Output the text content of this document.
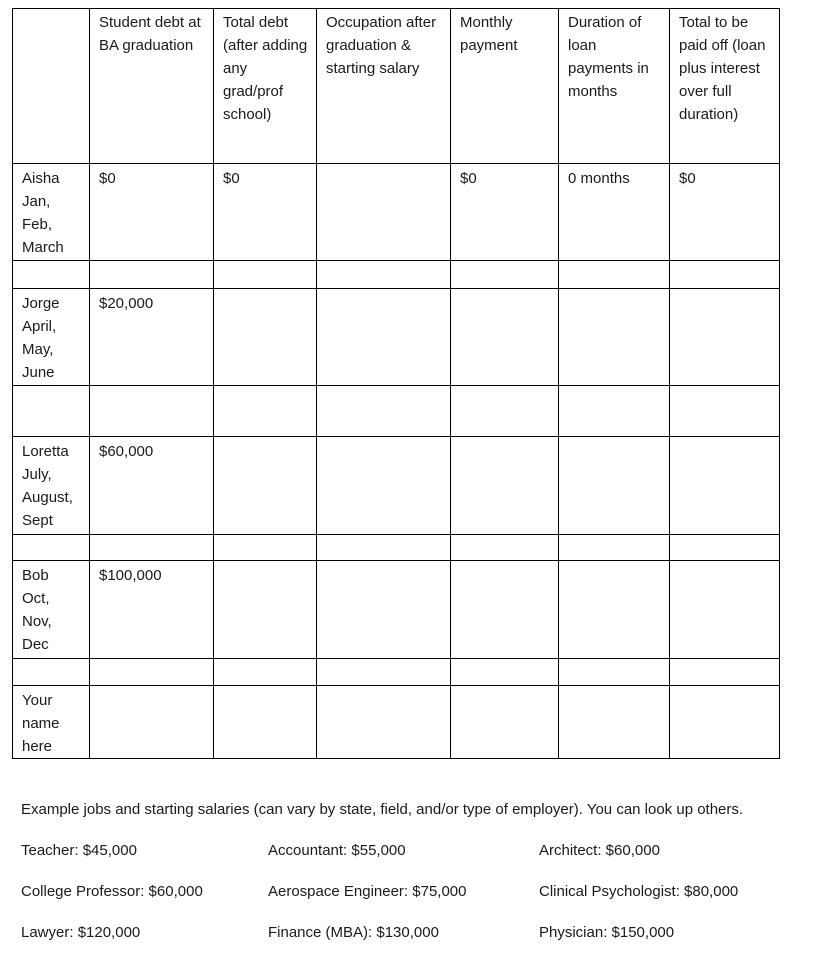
	Student debt at BA graduation	Total debt (after adding any grad/prof school)	Occupation after graduation & starting salary	Monthly payment	Duration of loan payments in months	Total to be paid off (loan plus interest over full duration)
Aisha
Jan,
Feb,
March	$0	$0		$0	0 months	$0

Jorge
April,
May,
June	$20,000					

Loretta
July,
August,
Sept	$60,000					

Bob
Oct,
Nov,
Dec	$100,000					

Your
name
here						

Example jobs and starting salaries (can vary by state, field, and/or type of employer). You can look up others.

Teacher: $45,000	Accountant: $55,000	Architect: $60,000
College Professor: $60,000	Aerospace Engineer: $75,000	Clinical Psychologist: $80,000
Lawyer: $120,000	Finance (MBA): $130,000	Physician: $150,000
